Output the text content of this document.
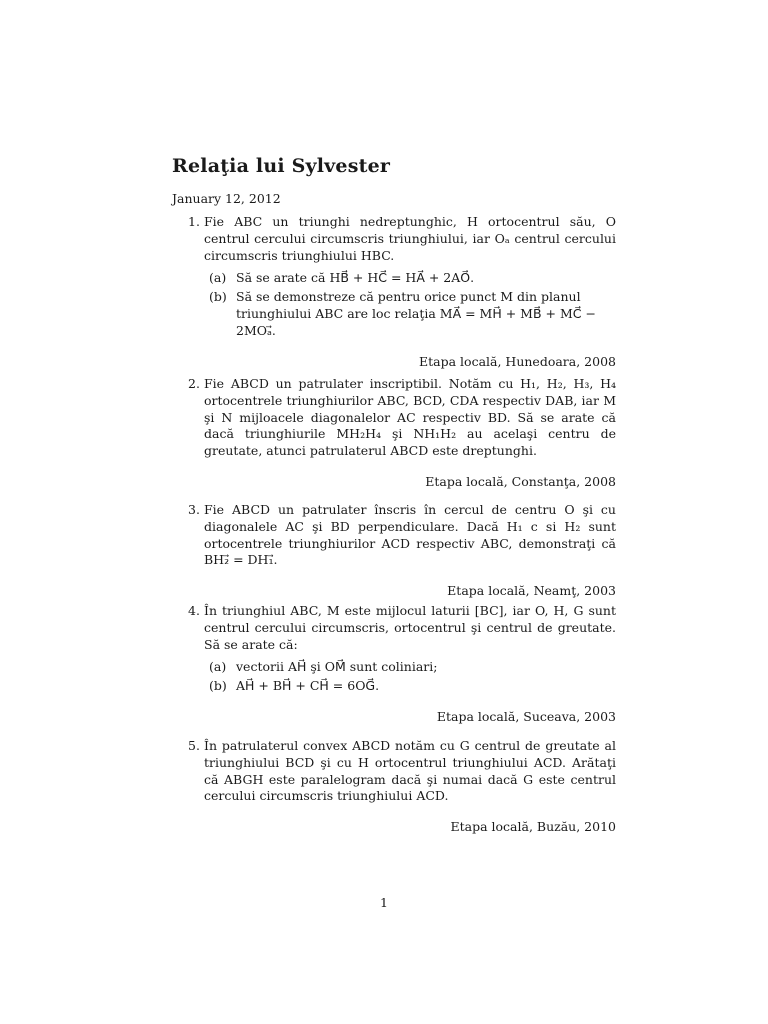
Relaţia lui Sylvester
January 12, 2012
1. Fie ABC un triunghi nedreptunghic, H ortocentrul său, O centrul cercului circumscris triunghiului, iar Oₐ centrul cercului circumscris triunghiului HBC.
(a) Să se arate că HB⃗ + HC⃗ = HA⃗ + 2AO⃗.
(b) Să se demonstreze că pentru orice punct M din planul triunghiului ABC are loc relaţia MA⃗ = MH⃗ + MB⃗ + MC⃗ − 2MOₐ⃗.
Etapa locală, Hunedoara, 2008
2. Fie ABCD un patrulater inscriptibil. Notăm cu H₁, H₂, H₃, H₄ ortocentrele triunghiurilor ABC, BCD, CDA respectiv DAB, iar M şi N mijloacele diagonalelor AC respectiv BD. Să se arate că dacă triunghiurile MH₂H₄ şi NH₁H₂ au acelaşi centru de greutate, atunci patrulaterul ABCD este dreptunghi.
Etapa locală, Constanţa, 2008
3. Fie ABCD un patrulater înscris în cercul de centru O şi cu diagonalele AC şi BD perpendiculare. Dacă H₁ c si H₂ sunt ortocentrele triunghiurilor ACD respectiv ABC, demonstraţi că BH₂⃗ = DH₁⃗.
Etapa locală, Neamţ, 2003
4. În triunghiul ABC, M este mijlocul laturii [BC], iar O, H, G sunt centrul cercului circumscris, ortocentrul şi centrul de greutate. Să se arate că:
(a) vectorii AH⃗ şi OM⃗ sunt coliniari;
(b) AH⃗ + BH⃗ + CH⃗ = 6OG⃗.
Etapa locală, Suceava, 2003
5. În patrulaterul convex ABCD notăm cu G centrul de greutate al triunghiului BCD şi cu H ortocentrul triunghiului ACD. Arătaţi că ABGH este paralelogram dacă şi numai dacă G este centrul cercului circumscris triunghiului ACD.
Etapa locală, Buzău, 2010
1
